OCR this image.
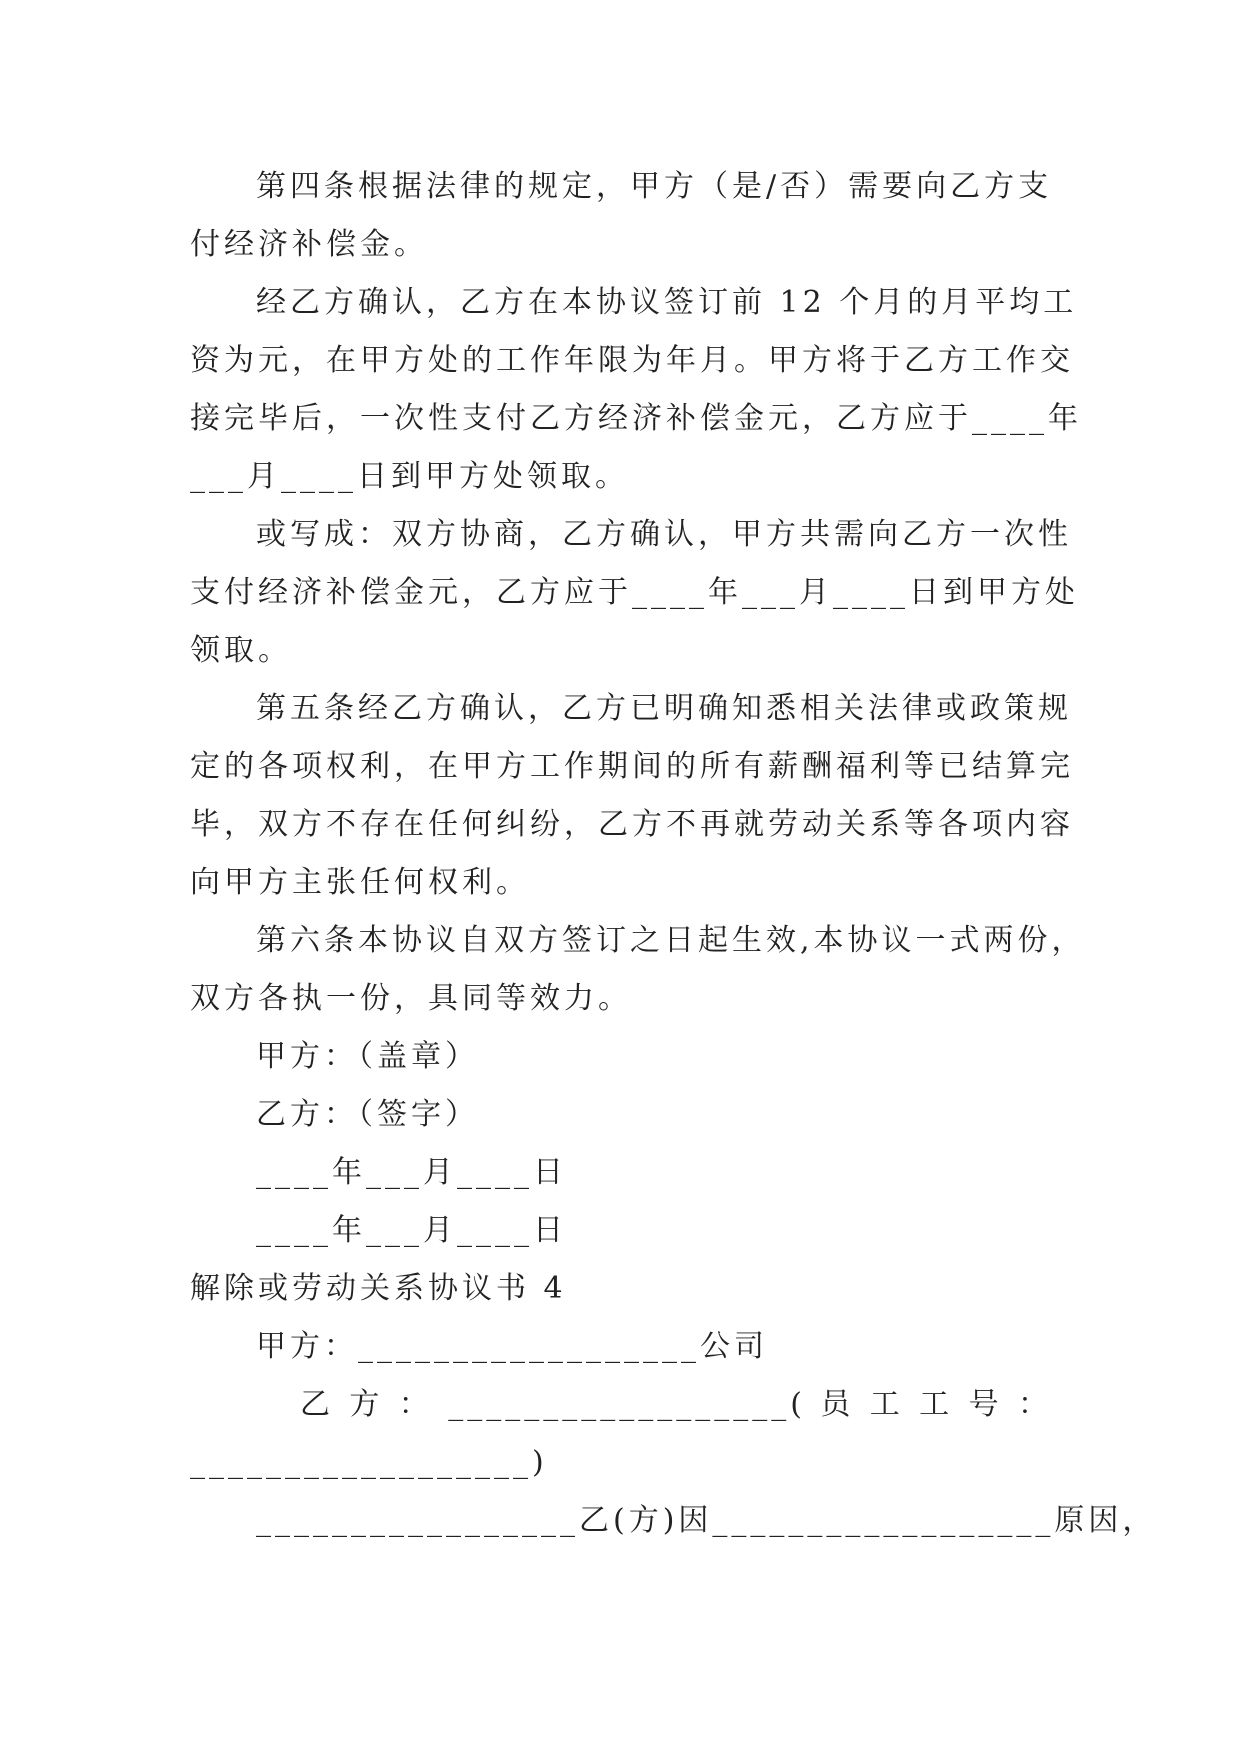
第四条根据法律的规定，甲方（是/否）需要向乙方支
付经济补偿金。
经乙方确认，乙方在本协议签订前 12 个月的月平均工
资为元，在甲方处的工作年限为年月。甲方将于乙方工作交
接完毕后，一次性支付乙方经济补偿金元，乙方应于____年
___月____日到甲方处领取。
或写成：双方协商，乙方确认，甲方共需向乙方一次性
支付经济补偿金元，乙方应于____年___月____日到甲方处
领取。
第五条经乙方确认，乙方已明确知悉相关法律或政策规
定的各项权利，在甲方工作期间的所有薪酬福利等已结算完
毕，双方不存在任何纠纷，乙方不再就劳动关系等各项内容
向甲方主张任何权利。
第六条本协议自双方签订之日起生效,本协议一式两份，
双方各执一份，具同等效力。
甲方：（盖章）
乙方：（签字）
____年___月____日
____年___月____日
解除或劳动关系协议书 4
甲方：__________________公司
乙 方 ： __________________( 员 工 工 号 ：
__________________)
_________________乙(方)因__________________原因，
